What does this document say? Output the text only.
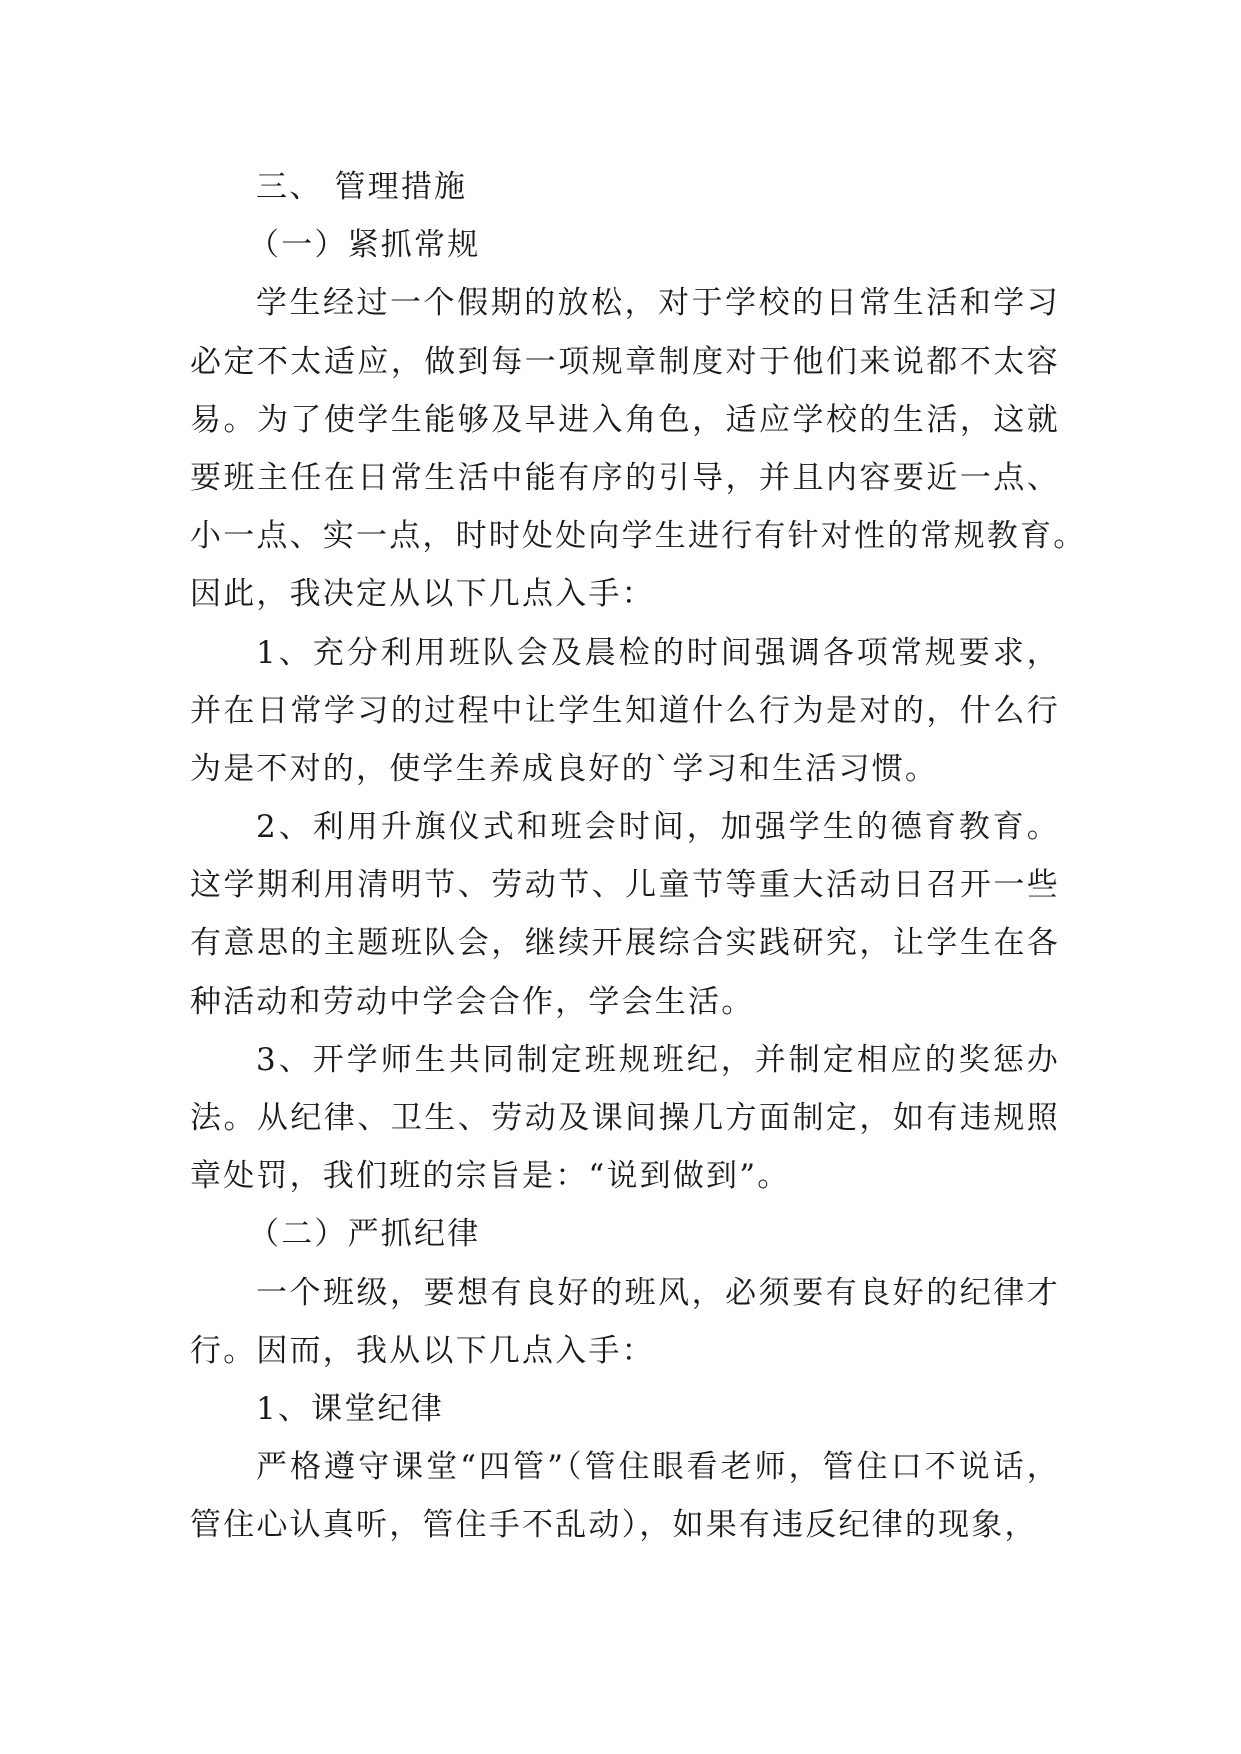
三、 管理措施
（一）紧抓常规
学生经过一个假期的放松，对于学校的日常生活和学习
必定不太适应，做到每一项规章制度对于他们来说都不太容
易。为了使学生能够及早进入角色，适应学校的生活，这就
要班主任在日常生活中能有序的引导，并且内容要近一点、
小一点、实一点，时时处处向学生进行有针对性的常规教育。
因此，我决定从以下几点入手：
1、充分利用班队会及晨检的时间强调各项常规要求，
并在日常学习的过程中让学生知道什么行为是对的，什么行
为是不对的，使学生养成良好的`学习和生活习惯。
2、利用升旗仪式和班会时间，加强学生的德育教育。
这学期利用清明节、劳动节、儿童节等重大活动日召开一些
有意思的主题班队会，继续开展综合实践研究，让学生在各
种活动和劳动中学会合作，学会生活。
3、开学师生共同制定班规班纪，并制定相应的奖惩办
法。从纪律、卫生、劳动及课间操几方面制定，如有违规照
章处罚，我们班的宗旨是：“说到做到”。
（二）严抓纪律
一个班级，要想有良好的班风，必须要有良好的纪律才
行。因而，我从以下几点入手：
1、课堂纪律
严格遵守课堂“四管”（管住眼看老师，管住口不说话，
管住心认真听，管住手不乱动），如果有违反纪律的现象，
